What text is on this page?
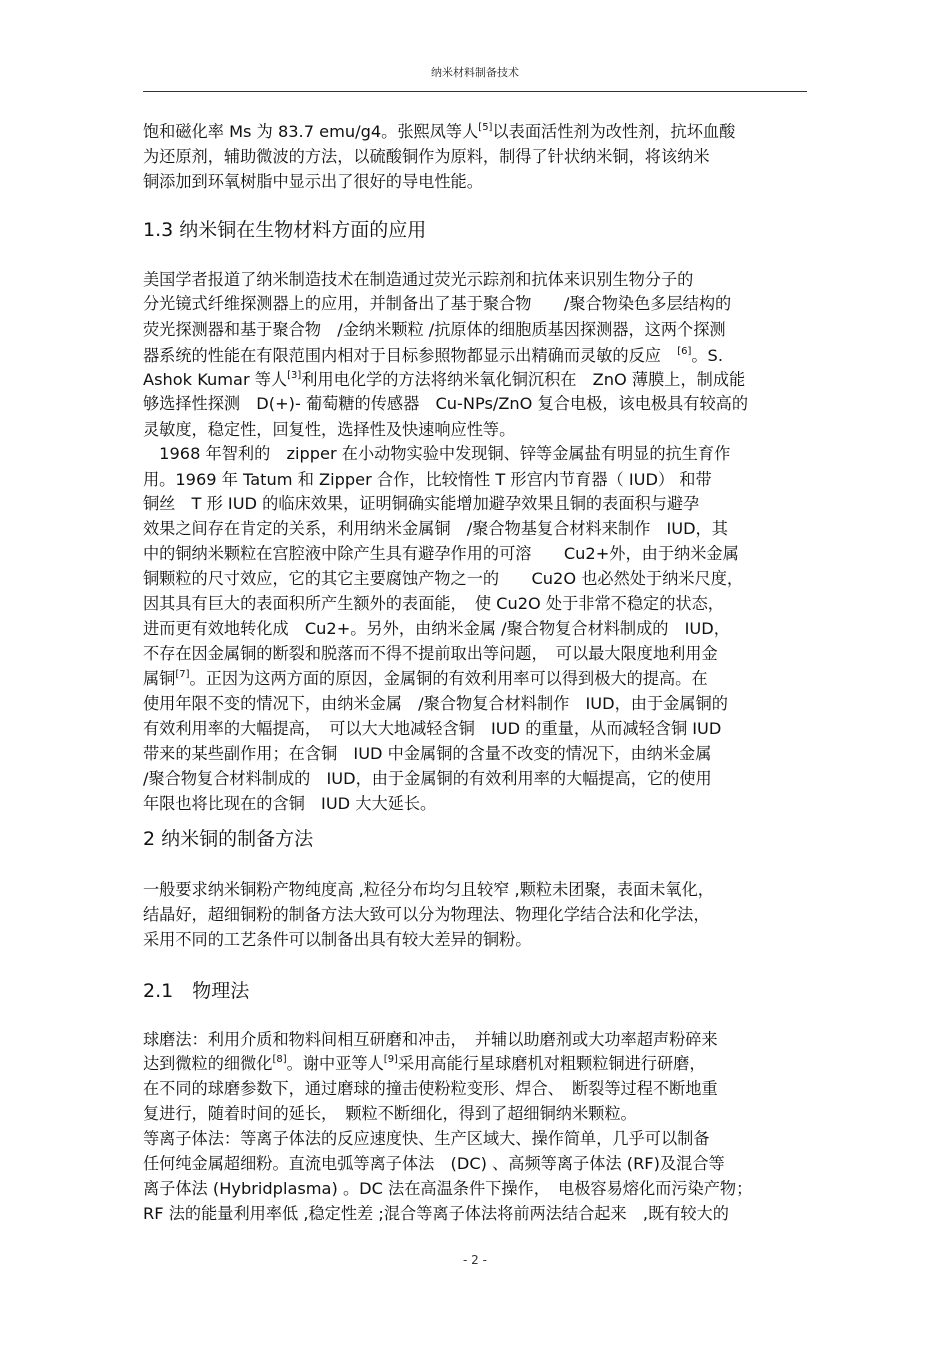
纳米材料制备技术
饱和磁化率 Ms 为 83.7 emu/g4。张熙凤等人[5]以表面活性剂为改性剂，抗坏血酸
为还原剂，辅助微波的方法，以硫酸铜作为原料，制得了针状纳米铜，将该纳米
铜添加到环氧树脂中显示出了很好的导电性能。
1.3 纳米铜在生物材料方面的应用
美国学者报道了纳米制造技术在制造通过荧光示踪剂和抗体来识别生物分子的
分光镜式纤维探测器上的应用，并制备出了基于聚合物　　/聚合物染色多层结构的
荧光探测器和基于聚合物　/金纳米颗粒 /抗原体的细胞质基因探测器，这两个探测
器系统的性能在有限范围内相对于目标参照物都显示出精确而灵敏的反应　[6]。S.
Ashok Kumar 等人[3]利用电化学的方法将纳米氧化铜沉积在　ZnO 薄膜上，制成能
够选择性探测　D(+)- 葡萄糖的传感器　Cu-NPs/ZnO 复合电极，该电极具有较高的
灵敏度，稳定性，回复性，选择性及快速响应性等。
　1968 年智利的　zipper 在小动物实验中发现铜、锌等金属盐有明显的抗生育作
用。1969 年 Tatum 和 Zipper 合作，比较惰性 T 形宫内节育器（ IUD） 和带
铜丝　T 形 IUD 的临床效果，证明铜确实能增加避孕效果且铜的表面积与避孕
效果之间存在肯定的关系，利用纳米金属铜　/聚合物基复合材料来制作　IUD，其
中的铜纳米颗粒在宫腔液中除产生具有避孕作用的可溶　　Cu2+外，由于纳米金属
铜颗粒的尺寸效应，它的其它主要腐蚀产物之一的　　Cu2O 也必然处于纳米尺度，
因其具有巨大的表面积所产生额外的表面能，　使 Cu2O 处于非常不稳定的状态，
进而更有效地转化成　Cu2+。另外，由纳米金属 /聚合物复合材料制成的　IUD，
不存在因金属铜的断裂和脱落而不得不提前取出等问题，　可以最大限度地利用金
属铜[7]。正因为这两方面的原因，金属铜的有效利用率可以得到极大的提高。在
使用年限不变的情况下，由纳米金属　/聚合物复合材料制作　IUD，由于金属铜的
有效利用率的大幅提高，　可以大大地减轻含铜　IUD 的重量，从而减轻含铜 IUD
带来的某些副作用；在含铜　IUD 中金属铜的含量不改变的情况下，由纳米金属
/聚合物复合材料制成的　IUD，由于金属铜的有效利用率的大幅提高，它的使用
年限也将比现在的含铜　IUD 大大延长。
2 纳米铜的制备方法
一般要求纳米铜粉产物纯度高 ,粒径分布均匀且较窄 ,颗粒未团聚，表面未氧化，
结晶好，超细铜粉的制备方法大致可以分为物理法、物理化学结合法和化学法，
采用不同的工艺条件可以制备出具有较大差异的铜粉。
2.1　物理法
球磨法：利用介质和物料间相互研磨和冲击，　并辅以助磨剂或大功率超声粉碎来
达到微粒的细微化[8]。谢中亚等人[9]采用高能行星球磨机对粗颗粒铜进行研磨，
在不同的球磨参数下，通过磨球的撞击使粉粒变形、焊合、　断裂等过程不断地重
复进行，随着时间的延长，　颗粒不断细化，得到了超细铜纳米颗粒。
等离子体法：等离子体法的反应速度快、生产区域大、操作简单，几乎可以制备
任何纯金属超细粉。直流电弧等离子体法　(DC) 、高频等离子体法 (RF)及混合等
离子体法 (Hybridplasma) 。DC 法在高温条件下操作，　电极容易熔化而污染产物；
RF 法的能量利用率低 ,稳定性差 ;混合等离子体法将前两法结合起来　,既有较大的
- 2 -
